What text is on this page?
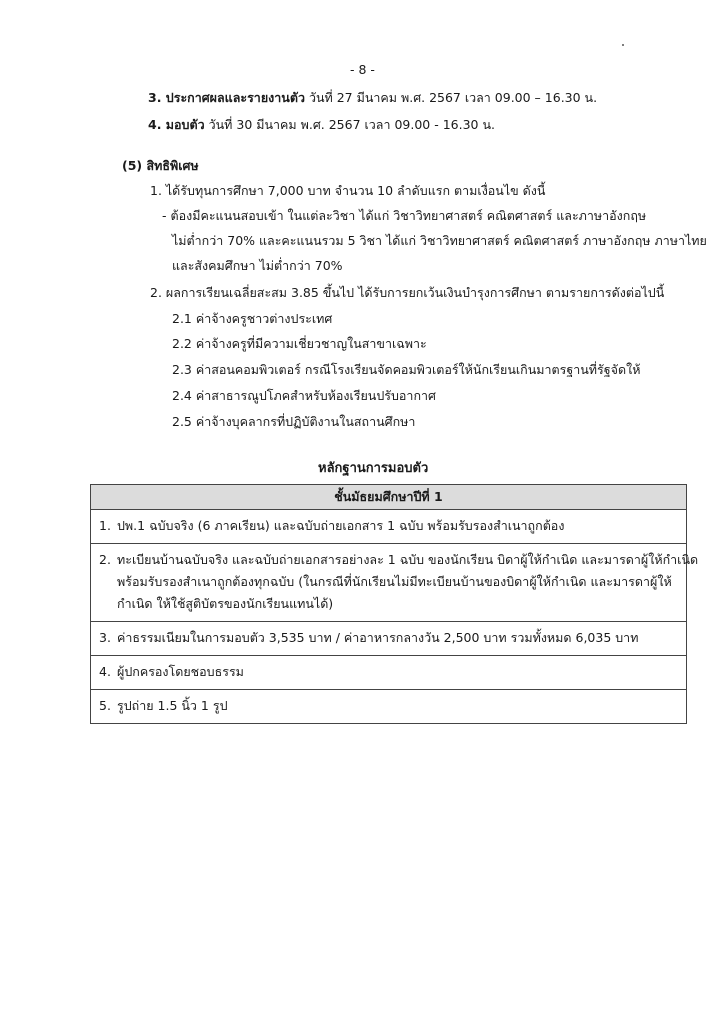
- 8 -
3. ประกาศผลและรายงานตัว วันที่ 27 มีนาคม พ.ศ. 2567 เวลา 09.00 – 16.30 น.
4. มอบตัว วันที่ 30 มีนาคม พ.ศ. 2567 เวลา 09.00 - 16.30 น.
(5) สิทธิพิเศษ
1. ได้รับทุนการศึกษา 7,000 บาท จำนวน 10 ลำดับแรก ตามเงื่อนไข ดังนี้
- ต้องมีคะแนนสอบเข้า ในแต่ละวิชา ได้แก่ วิชาวิทยาศาสตร์ คณิตศาสตร์ และภาษาอังกฤษ
ไม่ต่ำกว่า 70% และคะแนนรวม 5 วิชา ได้แก่ วิชาวิทยาศาสตร์ คณิตศาสตร์ ภาษาอังกฤษ ภาษาไทย
และสังคมศึกษา ไม่ต่ำกว่า 70%
2. ผลการเรียนเฉลี่ยสะสม 3.85 ขึ้นไป ได้รับการยกเว้นเงินบำรุงการศึกษา ตามรายการดังต่อไปนี้
2.1 ค่าจ้างครูชาวต่างประเทศ
2.2 ค่าจ้างครูที่มีความเชี่ยวชาญในสาขาเฉพาะ
2.3 ค่าสอนคอมพิวเตอร์ กรณีโรงเรียนจัดคอมพิวเตอร์ให้นักเรียนเกินมาตรฐานที่รัฐจัดให้
2.4 ค่าสาธารณูปโภคสำหรับห้องเรียนปรับอากาศ
2.5 ค่าจ้างบุคลากรที่ปฏิบัติงานในสถานศึกษา
หลักฐานการมอบตัว
ชั้นมัธยมศึกษาปีที่ 1
1. ปพ.1 ฉบับจริง (6 ภาคเรียน) และฉบับถ่ายเอกสาร 1 ฉบับ พร้อมรับรองสำเนาถูกต้อง
2. ทะเบียนบ้านฉบับจริง และฉบับถ่ายเอกสารอย่างละ 1 ฉบับ ของนักเรียน บิดาผู้ให้กำเนิด และมารดาผู้ให้กำเนิด
พร้อมรับรองสำเนาถูกต้องทุกฉบับ (ในกรณีที่นักเรียนไม่มีทะเบียนบ้านของบิดาผู้ให้กำเนิด และมารดาผู้ให้
กำเนิด ให้ใช้สูติบัตรของนักเรียนแทนได้)
3. ค่าธรรมเนียมในการมอบตัว 3,535 บาท / ค่าอาหารกลางวัน 2,500 บาท รวมทั้งหมด 6,035 บาท
4. ผู้ปกครองโดยชอบธรรม
5. รูปถ่าย 1.5 นิ้ว 1 รูป
